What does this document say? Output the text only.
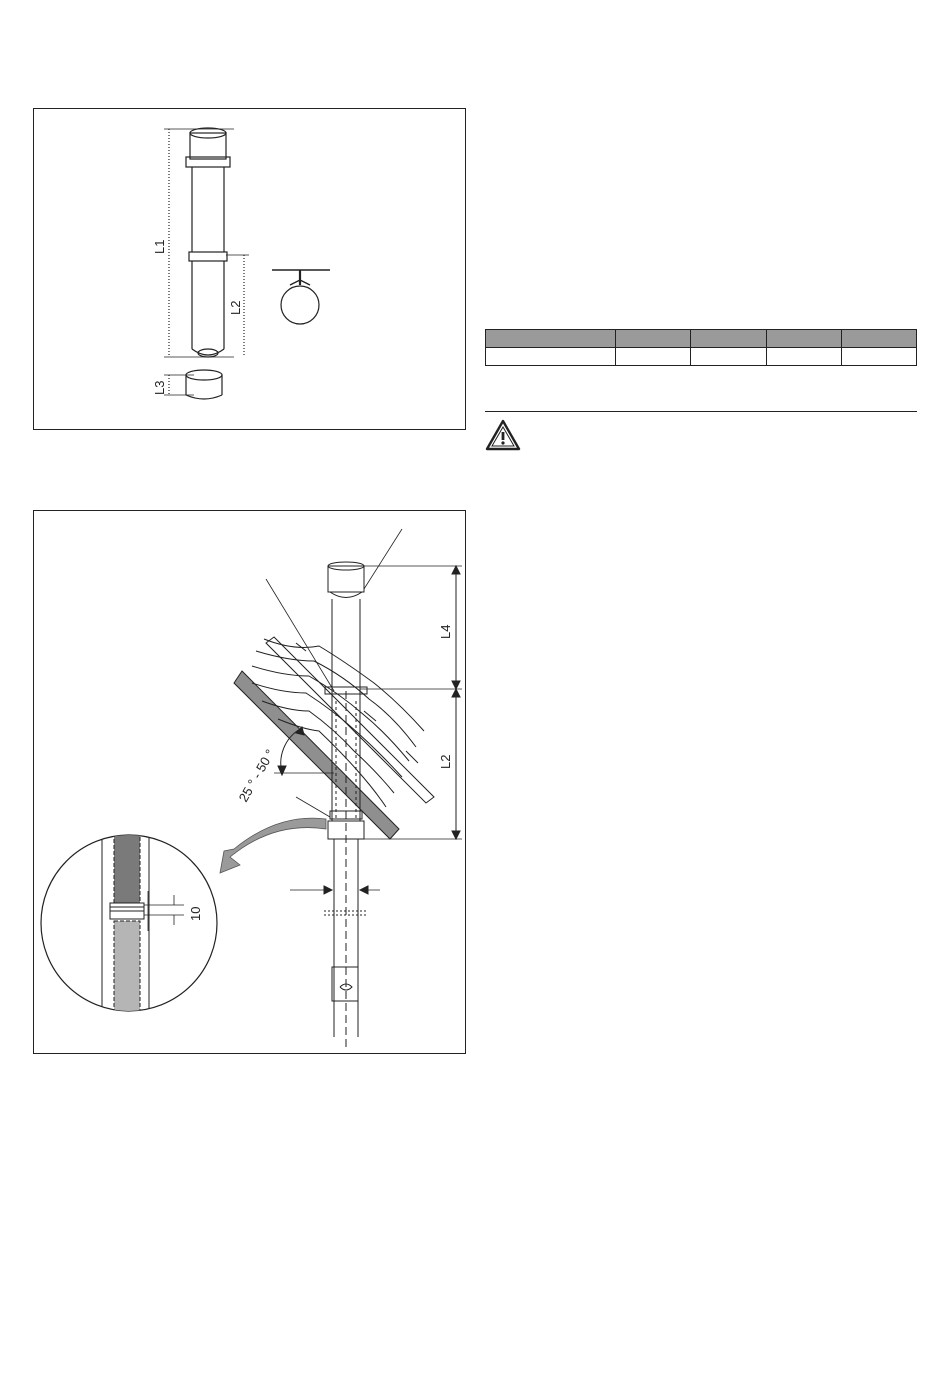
L1
L2
L3

L4
L2
25 ° - 50 °
10
